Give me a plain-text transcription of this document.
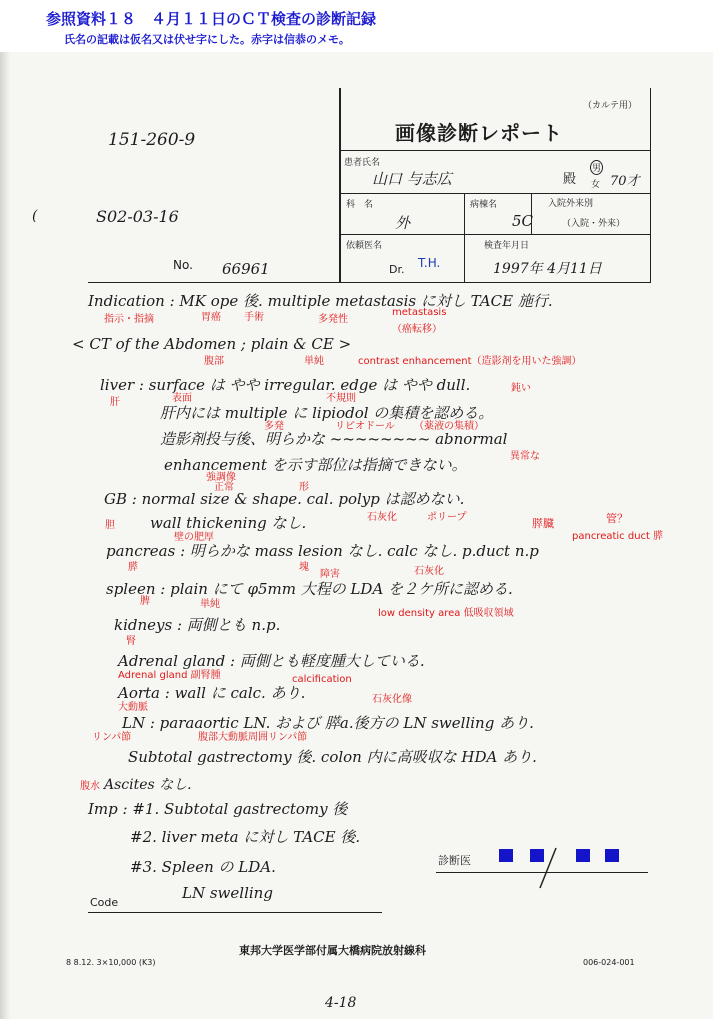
参照資料１８　４月１１日のＣＴ検査の診断記録
氏名の記載は仮名又は伏せ字にした。赤字は信恭のメモ。
151-260-9
(	S02-03-16
No. 66961
（カルテ用）
画像診断レポート
患者氏名
山口 与志広	殿
男
女 70才
科　名
外
病棟名
5C
入院外来別
（入院・外来）
依頼医名
Dr. T.H.
検査年月日
1997年 4月11日
Indication : MK ope 後. multiple metastasis に対し TACE 施行.
指示・指摘	胃癌 手術	多発性
metastasis
（癌転移）
< CT of the Abdomen ; plain & CE >
腹部	単純	contrast enhancement（造影剤を用いた強調）
liver : surface は やや irregular. edge は やや dull.
肝	表面	不規則
鈍い
肝内には multiple に lipiodol の集積を認める。
多発	リピオドール （薬液の集積）
造影剤投与後、明らかな ~~~~~~~~ abnormal
異常な
enhancement を示す部位は指摘できない。
強調像
GB : normal size & shape. cal. polyp は認めない.
胆
正常	形
石灰化	ポリープ
wall thickening なし.
壁の肥厚
膵臓	管？
pancreatic duct 膵
pancreas : 明らかな mass lesion なし. calc なし. p.duct n.p
膵	塊
障害	石灰化
spleen : plain にて φ5mm 大程の LDA を２ケ所に認める.
脾	単純
low density area 低吸収領域
kidneys : 両側とも n.p.
腎
Adrenal gland : 両側とも軽度腫大している.
Adrenal gland 副腎腫	calcification
Aorta : wall に calc. あり.
大動脈
石灰化像
LN : paraaortic LN. および 膵a.後方の LN swelling あり.
リンパ節	腹部大動脈周囲リンパ節
Subtotal gastrectomy 後. colon 内に高吸収な HDA あり.
腹水 Ascites なし.
Imp : #1. Subtotal gastrectomy 後
#2. liver meta に対し TACE 後.
#3. Spleen の LDA.
LN swelling
診断医
Code
東邦大学医学部付属大橋病院放射線科
8 8.12. 3×10,000 (K3)	006-024-001
4-18
